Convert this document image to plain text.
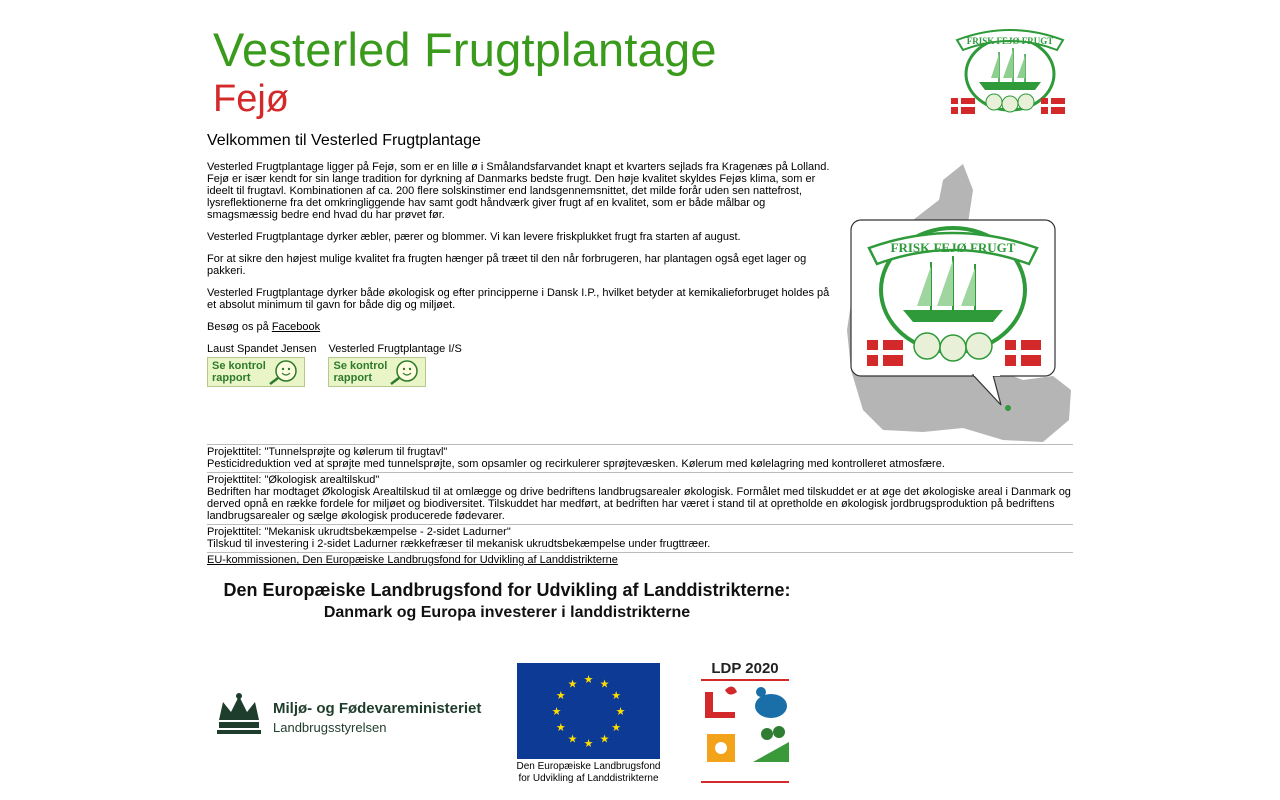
Vesterled Frugtplantage
Fejø
FRISK FEJØ FRUGT
Velkommen til Vesterled Frugtplantage

Vesterled Frugtplantage ligger på Fejø, som er en lille ø i Smålandsfarvandet knapt et kvarters sejlads fra Kragenæs på Lolland. Fejø er især kendt for sin lange tradition for dyrkning af Danmarks bedste frugt. Den høje kvalitet skyldes Fejøs klima, som er ideelt til frugtavl. Kombinationen af ca. 200 flere solskinstimer end landsgennemsnittet, det milde forår uden sen nattefrost, lysreflektionerne fra det omkringliggende hav samt godt håndværk giver frugt af en kvalitet, som er både målbar og smagsmæssig bedre end hvad du har prøvet før.

Vesterled Frugtplantage dyrker æbler, pærer og blommer. Vi kan levere friskplukket frugt fra starten af august.

For at sikre den højest mulige kvalitet fra frugten hænger på træet til den når forbrugeren, har plantagen også eget lager og pakkeri.

Vesterled Frugtplantage dyrker både økologisk og efter principperne i Dansk I.P., hvilket betyder at kemikalieforbruget holdes på et absolut minimum til gavn for både dig og miljøet.

Besøg os på Facebook

Laust Spandet Jensen
Se kontrol
rapport
Vesterled Frugtplantage I/S
Se kontrol
rapport
FRISK FEJØ FRUGT
Projekttitel: "Tunnelsprøjte og kølerum til frugtavl"
Pesticidreduktion ved at sprøjte med tunnelsprøjte, som opsamler og recirkulerer sprøjtevæsken. Kølerum med kølelagring med kontrolleret atmosfære.
Projekttitel: "Økologisk arealtilskud"
Bedriften har modtaget Økologisk Arealtilskud til at omlægge og drive bedriftens landbrugsarealer økologisk. Formålet med tilskuddet er at øge det økologiske areal i Danmark og derved opnå en række fordele for miljøet og biodiversitet. Tilskuddet har medført, at bedriften har været i stand til at opretholde en økologisk jordbrugsproduktion på bedriftens landbrugsarealer og sælge økologisk producerede fødevarer.
Projekttitel: "Mekanisk ukrudtsbekæmpelse - 2-sidet Ladurner"
Tilskud til investering i 2-sidet Ladurner rækkefræser til mekanisk ukrudtsbekæmpelse under frugttræer.
EU-kommissionen, Den Europæiske Landbrugsfond for Udvikling af Landdistrikterne
Den Europæiske Landbrugsfond for Udvikling af Landdistrikterne:
Danmark og Europa investerer i landdistrikterne
Miljø- og Fødevareministeriet
Landbrugsstyrelsen
★
★
★
★
★
★
★
★
★ ★ ★
★
Den Europæiske Landbrugsfond
for Udvikling af Landdistrikterne
LDP 2020
